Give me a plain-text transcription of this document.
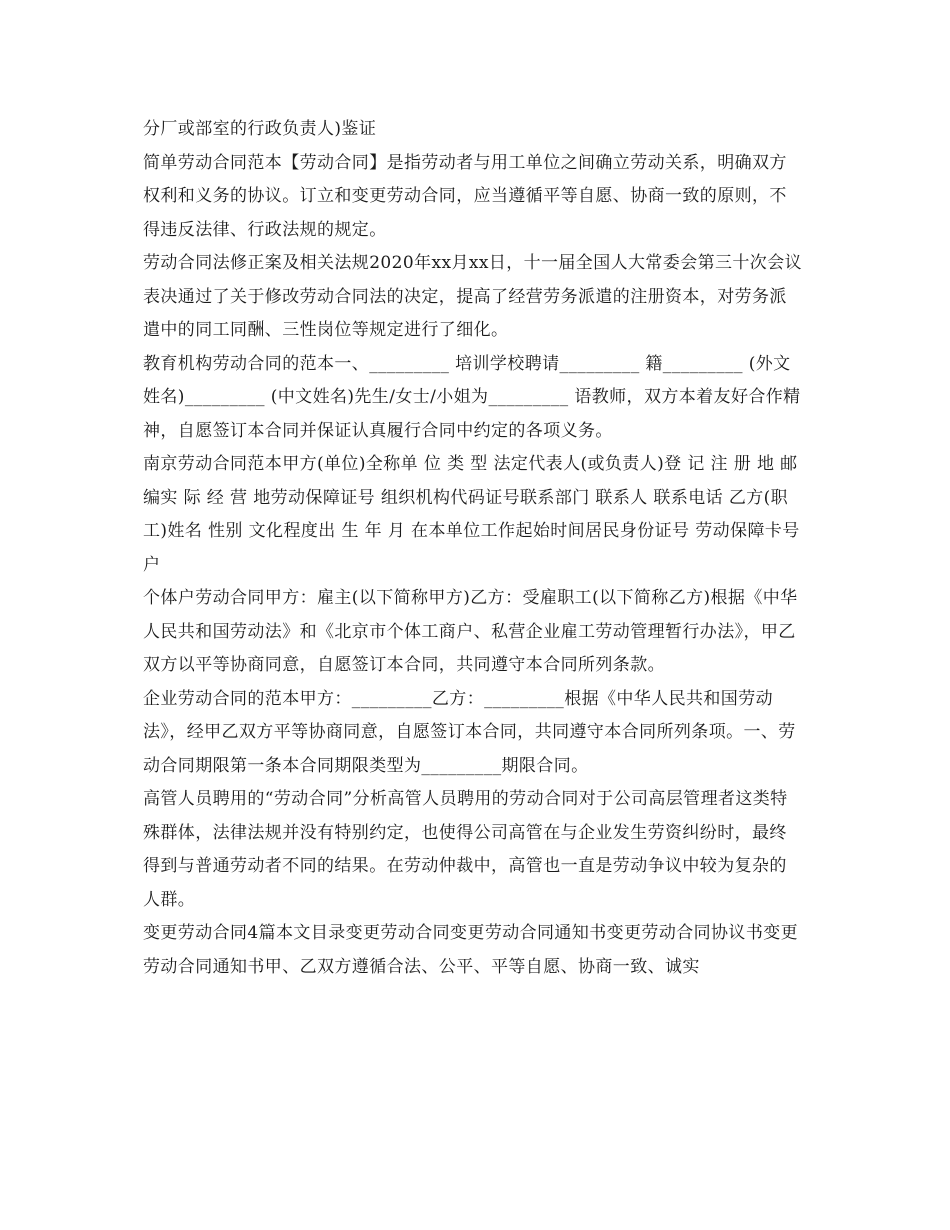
分厂或部室的行政负责人)鉴证

简单劳动合同范本【劳动合同】是指劳动者与用工单位之间确立劳动关系，明确双方权利和义务的协议。订立和变更劳动合同，应当遵循平等自愿、协商一致的原则，不得违反法律、行政法规的规定。

劳动合同法修正案及相关法规2020年xx月xx日，十一届全国人大常委会第三十次会议表决通过了关于修改劳动合同法的决定，提高了经营劳务派遣的注册资本，对劳务派遣中的同工同酬、三性岗位等规定进行了细化。

教育机构劳动合同的范本一、_________ 培训学校聘请_________ 籍_________ (外文姓名)_________ (中文姓名)先生/女士/小姐为_________ 语教师，双方本着友好合作精神，自愿签订本合同并保证认真履行合同中约定的各项义务。

南京劳动合同范本甲方(单位)全称单 位 类 型 法定代表人(或负责人)登 记 注 册 地 邮编实 际 经 营 地劳动保障证号 组织机构代码证号联系部门 联系人 联系电话 乙方(职工)姓名 性别 文化程度出 生 年 月 在本单位工作起始时间居民身份证号 劳动保障卡号户

个体户劳动合同甲方：雇主(以下简称甲方)乙方：受雇职工(以下简称乙方)根据《中华人民共和国劳动法》和《北京市个体工商户、私营企业雇工劳动管理暂行办法》，甲乙双方以平等协商同意，自愿签订本合同，共同遵守本合同所列条款。

企业劳动合同的范本甲方：_________乙方：_________根据《中华人民共和国劳动法》，经甲乙双方平等协商同意，自愿签订本合同，共同遵守本合同所列条项。一、劳动合同期限第一条本合同期限类型为_________期限合同。

高管人员聘用的“劳动合同”分析高管人员聘用的劳动合同对于公司高层管理者这类特殊群体，法律法规并没有特别约定，也使得公司高管在与企业发生劳资纠纷时，最终得到与普通劳动者不同的结果。在劳动仲裁中，高管也一直是劳动争议中较为复杂的人群。

变更劳动合同4篇本文目录变更劳动合同变更劳动合同通知书变更劳动合同协议书变更劳动合同通知书甲、乙双方遵循合法、公平、平等自愿、协商一致、诚实
